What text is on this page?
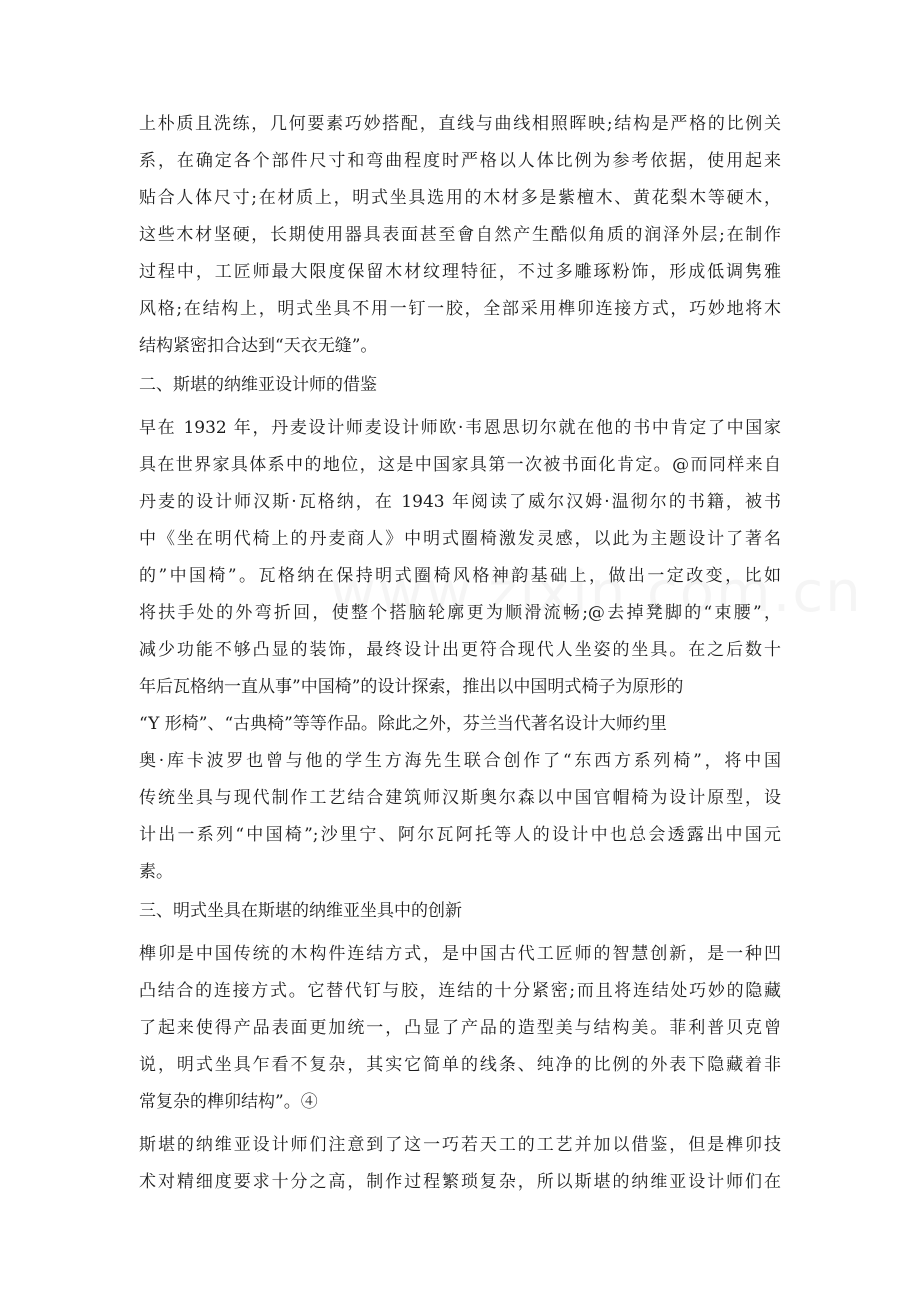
上朴质且洗练，几何要素巧妙搭配，直线与曲线相照晖映;结构是严格的比例关

系，在确定各个部件尺寸和弯曲程度时严格以人体比例为参考依据，使用起来

贴合人体尺寸;在材质上，明式坐具选用的木材多是紫檀木、黄花梨木等硬木，

这些木材坚硬，长期使用器具表面甚至會自然产生酷似角质的润泽外层;在制作

过程中，工匠师最大限度保留木材纹理特征，不过多雕琢粉饰，形成低调隽雅

风格;在结构上，明式坐具不用一钉一胶，全部采用榫卯连接方式，巧妙地将木

结构紧密扣合达到“天衣无缝”。

二、斯堪的纳维亚设计师的借鉴

早在 1932 年，丹麦设计师麦设计师欧·韦恩思切尔就在他的书中肯定了中国家

具在世界家具体系中的地位，这是中国家具第一次被书面化肯定。@而同样来自

丹麦的设计师汉斯·瓦格纳，在 1943 年阅读了威尔汉姆·温彻尔的书籍，被书

中《坐在明代椅上的丹麦商人》中明式圈椅激发灵感，以此为主题设计了著名

的”中国椅”。瓦格纳在保持明式圈椅风格神韵基础上，做出一定改变，比如

将扶手处的外弯折回，使整个搭脑轮廓更为顺滑流畅;@去掉凳脚的“束腰”，

减少功能不够凸显的装饰，最终设计出更符合现代人坐姿的坐具。在之后数十

年后瓦格纳一直从事”中国椅”的设计探索，推出以中国明式椅子为原形的

“Y 形椅”、“古典椅”等等作品。除此之外，芬兰当代著名设计大师约里

奥·库卡波罗也曾与他的学生方海先生联合创作了“东西方系列椅”，将中国

传统坐具与现代制作工艺结合建筑师汉斯奥尔森以中国官帽椅为设计原型，设

计出一系列“中国椅”;沙里宁、阿尔瓦阿托等人的设计中也总会透露出中国元

素。

三、明式坐具在斯堪的纳维亚坐具中的创新

榫卯是中国传统的木构件连结方式，是中国古代工匠师的智慧创新，是一种凹

凸结合的连接方式。它替代钉与胶，连结的十分紧密;而且将连结处巧妙的隐藏

了起来使得产品表面更加统一，凸显了产品的造型美与结构美。菲利普贝克曾

说，明式坐具乍看不复杂，其实它简单的线条、纯净的比例的外表下隐藏着非

常复杂的榫卯结构”。④

斯堪的纳维亚设计师们注意到了这一巧若天工的工艺并加以借鉴，但是榫卯技

术对精细度要求十分之高，制作过程繁琐复杂，所以斯堪的纳维亚设计师们在
